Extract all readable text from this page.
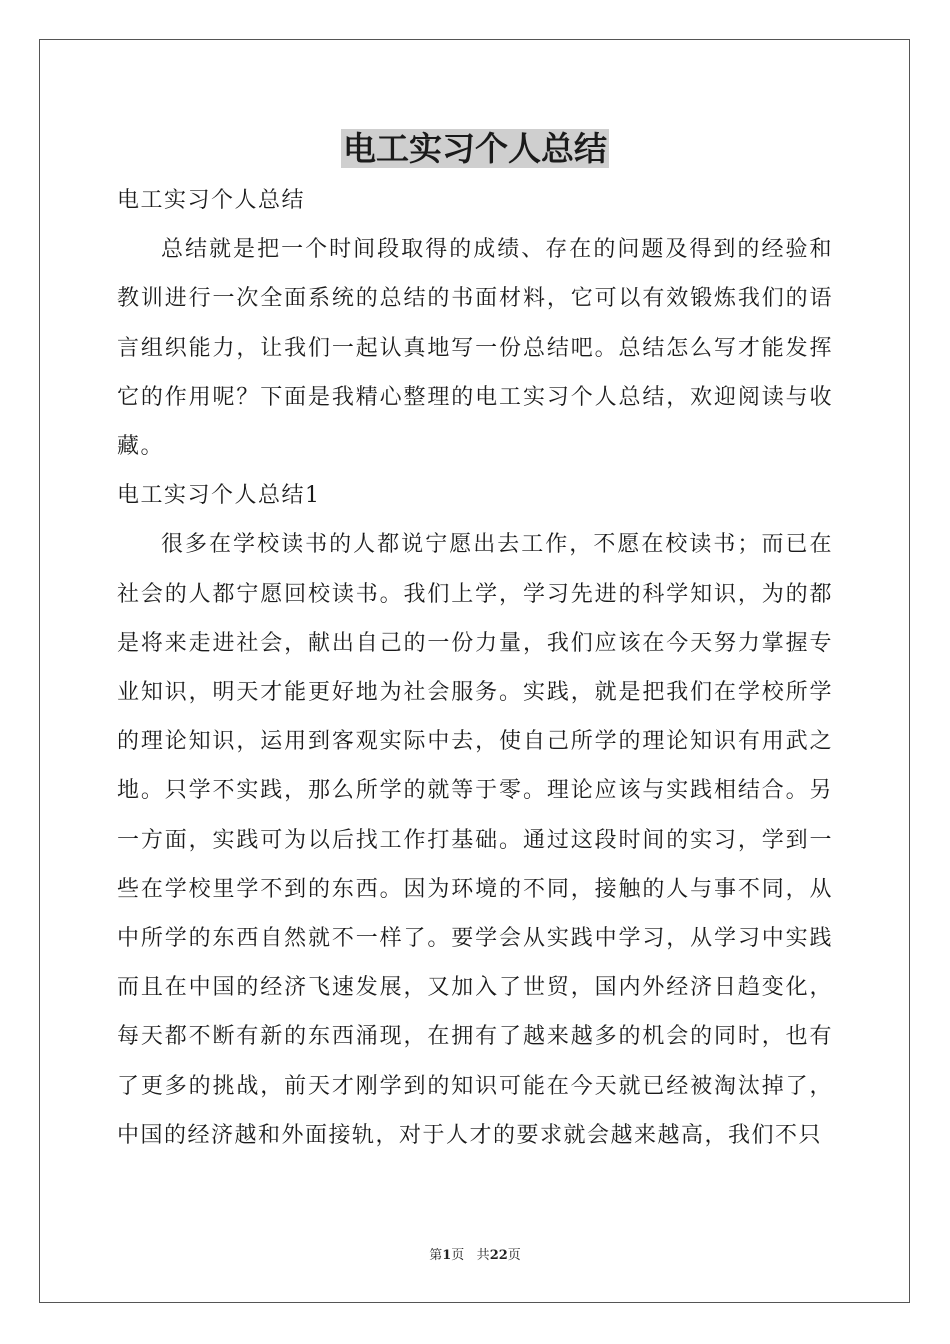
电工实习个人总结

电工实习个人总结

总结就是把一个时间段取得的成绩、存在的问题及得到的经验和教训进行一次全面系统的总结的书面材料，它可以有效锻炼我们的语言组织能力，让我们一起认真地写一份总结吧。总结怎么写才能发挥它的作用呢？下面是我精心整理的电工实习个人总结，欢迎阅读与收藏。

电工实习个人总结1

很多在学校读书的人都说宁愿出去工作，不愿在校读书；而已在社会的人都宁愿回校读书。我们上学，学习先进的科学知识，为的都是将来走进社会，献出自己的一份力量，我们应该在今天努力掌握专业知识，明天才能更好地为社会服务。实践，就是把我们在学校所学的理论知识，运用到客观实际中去，使自己所学的理论知识有用武之地。只学不实践，那么所学的就等于零。理论应该与实践相结合。另一方面，实践可为以后找工作打基础。通过这段时间的实习，学到一些在学校里学不到的东西。因为环境的不同，接触的人与事不同，从中所学的东西自然就不一样了。要学会从实践中学习，从学习中实践而且在中国的经济飞速发展，又加入了世贸，国内外经济日趋变化，每天都不断有新的东西涌现，在拥有了越来越多的机会的同时，也有了更多的挑战，前天才刚学到的知识可能在今天就已经被淘汰掉了，中国的经济越和外面接轨，对于人才的要求就会越来越高，我们不只

第1页 共22页
